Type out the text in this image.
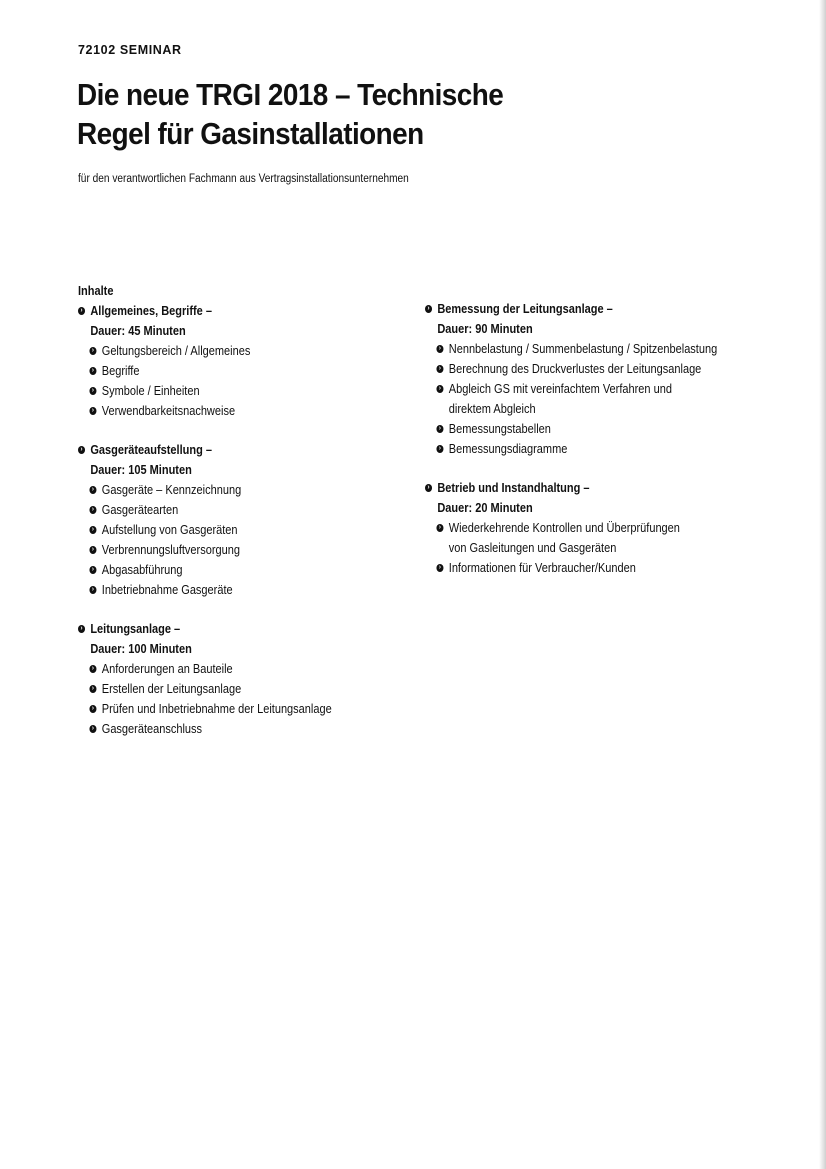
72102 SEMINAR
Die neue TRGI 2018 – Technische
Regel für Gasinstallationen
für den verantwortlichen Fachmann aus Vertragsinstallationsunternehmen
Inhalte
› Allgemeines, Begriffe –
Dauer: 45 Minuten
› Geltungsbereich / Allgemeines
› Begriffe
› Symbole / Einheiten
› Verwendbarkeitsnachweise
› Gasgeräteaufstellung –
Dauer: 105 Minuten
› Gasgeräte – Kennzeichnung
› Gasgerätearten
› Aufstellung von Gasgeräten
› Verbrennungsluftversorgung
› Abgasabführung
› Inbetriebnahme Gasgeräte
› Leitungsanlage –
Dauer: 100 Minuten
› Anforderungen an Bauteile
› Erstellen der Leitungsanlage
› Prüfen und Inbetriebnahme der Leitungsanlage
› Gasgeräteanschluss
› Bemessung der Leitungsanlage –
Dauer: 90 Minuten
› Nennbelastung / Summenbelastung / Spitzenbelastung
› Berechnung des Druckverlustes der Leitungsanlage
› Abgleich GS mit vereinfachtem Verfahren und
direktem Abgleich
› Bemessungstabellen
› Bemessungsdiagramme
› Betrieb und Instandhaltung –
Dauer: 20 Minuten
› Wiederkehrende Kontrollen und Überprüfungen
von Gasleitungen und Gasgeräten
› Informationen für Verbraucher/Kunden
